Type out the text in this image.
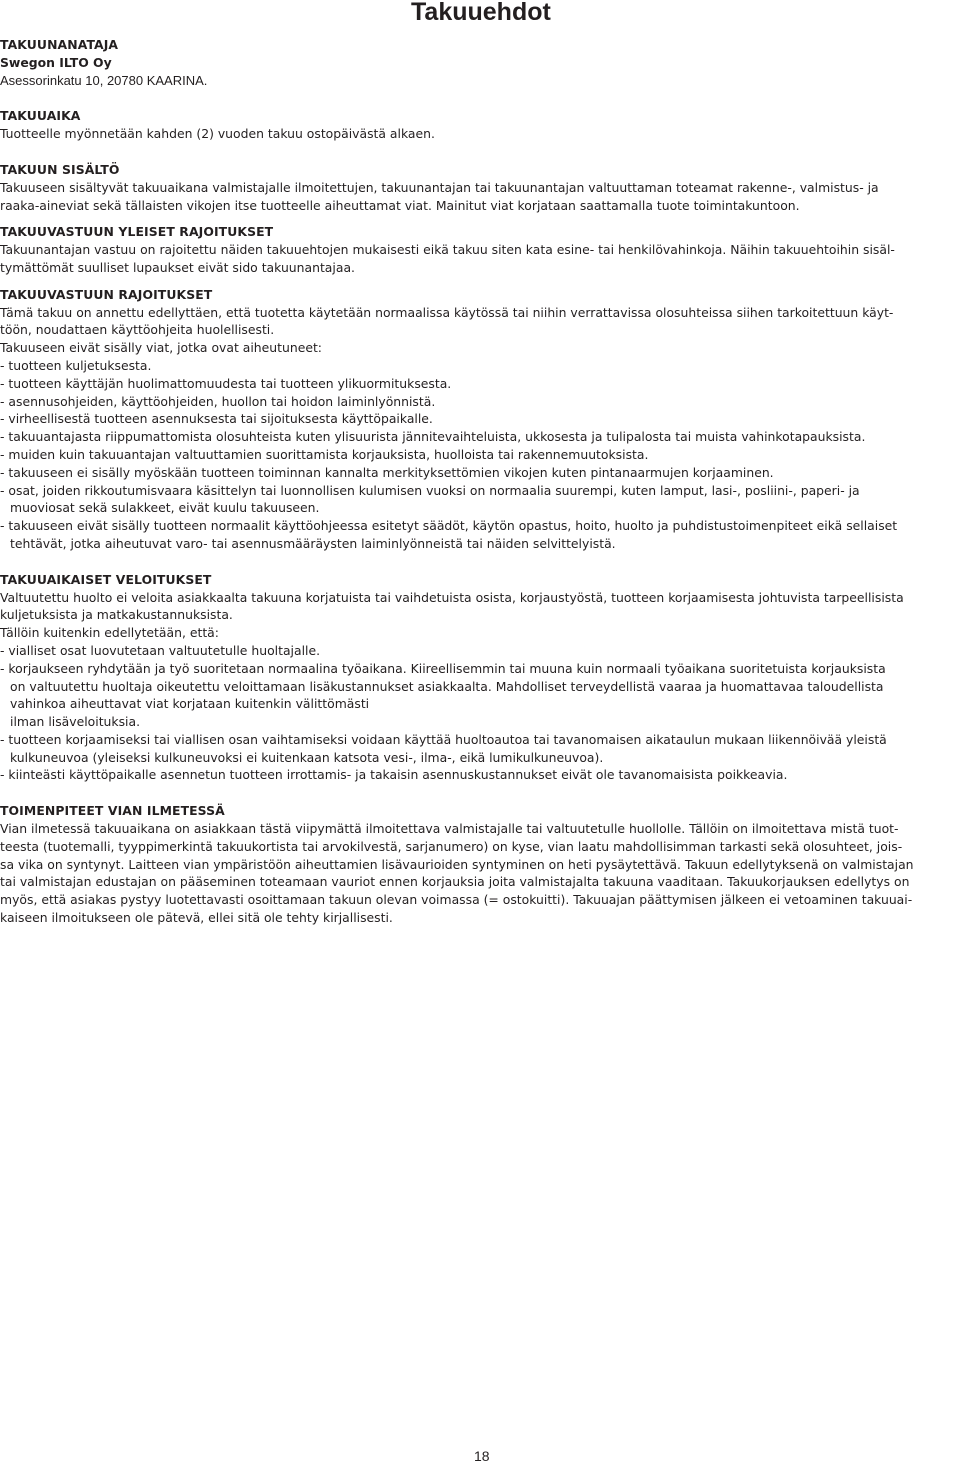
Takuuehdot
TAKUUNANATAJA
Swegon ILTO Oy
Asessorinkatu 10, 20780 KAARINA.
TAKUUAIKA
Tuotteelle myönnetään kahden (2) vuoden takuu ostopäivästä alkaen.
TAKUUN SISÄLTÖ
Takuuseen sisältyvät takuuaikana valmistajalle ilmoitettujen, takuunantajan tai takuunantajan valtuuttaman toteamat rakenne-, valmistus- ja
raaka-aineviat sekä tällaisten vikojen itse tuotteelle aiheuttamat viat. Mainitut viat korjataan saattamalla tuote toimintakuntoon.
TAKUUVASTUUN YLEISET RAJOITUKSET
Takuunantajan vastuu on rajoitettu näiden takuuehtojen mukaisesti eikä takuu siten kata esine- tai henkilövahinkoja. Näihin takuuehtoihin sisäl-
tymättömät suulliset lupaukset eivät sido takuunantajaa.
TAKUUVASTUUN RAJOITUKSET
Tämä takuu on annettu edellyttäen, että tuotetta käytetään normaalissa käytössä tai niihin verrattavissa olosuhteissa siihen tarkoitettuun käyt-
töön, noudattaen käyttöohjeita huolellisesti.
Takuuseen eivät sisälly viat, jotka ovat aiheutuneet:
- tuotteen kuljetuksesta.
- tuotteen käyttäjän huolimattomuudesta tai tuotteen ylikuormituksesta.
- asennusohjeiden, käyttöohjeiden, huollon tai hoidon laiminlyönnistä.
- virheellisestä tuotteen asennuksesta tai sijoituksesta käyttöpaikalle.
- takuuantajasta riippumattomista olosuhteista kuten ylisuurista jännitevaihteluista, ukkosesta ja tulipalosta tai muista vahinkotapauksista.
- muiden kuin takuuantajan valtuuttamien suorittamista korjauksista, huolloista tai rakennemuutoksista.
- takuuseen ei sisälly myöskään tuotteen toiminnan kannalta merkityksettömien vikojen kuten pintanaarmujen korjaaminen.
- osat, joiden rikkoutumisvaara käsittelyn tai luonnollisen kulumisen vuoksi on normaalia suurempi, kuten lamput, lasi-, posliini-, paperi- ja
muoviosat sekä sulakkeet, eivät kuulu takuuseen.
- takuuseen eivät sisälly tuotteen normaalit käyttöohjeessa esitetyt säädöt, käytön opastus, hoito, huolto ja puhdistustoimenpiteet eikä sellaiset
tehtävät, jotka aiheutuvat varo- tai asennusmääräysten laiminlyönneistä tai näiden selvittelyistä.
TAKUUAIKAISET VELOITUKSET
Valtuutettu huolto ei veloita asiakkaalta takuuna korjatuista tai vaihdetuista osista, korjaustyöstä, tuotteen korjaamisesta johtuvista tarpeellisista
kuljetuksista ja matkakustannuksista.
Tällöin kuitenkin edellytetään, että:
- vialliset osat luovutetaan valtuutetulle huoltajalle.
- korjaukseen ryhdytään ja työ suoritetaan normaalina työaikana. Kiireellisemmin tai muuna kuin normaali työaikana suoritetuista korjauksista
on valtuutettu huoltaja oikeutettu veloittamaan lisäkustannukset asiakkaalta. Mahdolliset terveydellistä vaaraa ja huomattavaa taloudellista
vahinkoa aiheuttavat viat korjataan kuitenkin välittömästi
ilman lisäveloituksia.
- tuotteen korjaamiseksi tai viallisen osan vaihtamiseksi voidaan käyttää huoltoautoa tai tavanomaisen aikataulun mukaan liikennöivää yleistä
kulkuneuvoa (yleiseksi kulkuneuvoksi ei kuitenkaan katsota vesi-, ilma-, eikä lumikulkuneuvoa).
- kiinteästi käyttöpaikalle asennetun tuotteen irrottamis- ja takaisin asennuskustannukset eivät ole tavanomaisista poikkeavia.
TOIMENPITEET VIAN ILMETESSÄ
Vian ilmetessä takuuaikana on asiakkaan tästä viipymättä ilmoitettava valmistajalle tai valtuutetulle huollolle. Tällöin on ilmoitettava mistä tuot-
teesta (tuotemalli, tyyppimerkintä takuukortista tai arvokilvestä, sarjanumero) on kyse, vian laatu mahdollisimman tarkasti sekä olosuhteet, jois-
sa vika on syntynyt. Laitteen vian ympäristöön aiheuttamien lisävaurioiden syntyminen on heti pysäytettävä. Takuun edellytyksenä on valmistajan
tai valmistajan edustajan on pääseminen toteamaan vauriot ennen korjauksia joita valmistajalta takuuna vaaditaan. Takuukorjauksen edellytys on
myös, että asiakas pystyy luotettavasti osoittamaan takuun olevan voimassa (= ostokuitti). Takuuajan päättymisen jälkeen ei vetoaminen takuuai-
kaiseen ilmoitukseen ole pätevä, ellei sitä ole tehty kirjallisesti.
18
